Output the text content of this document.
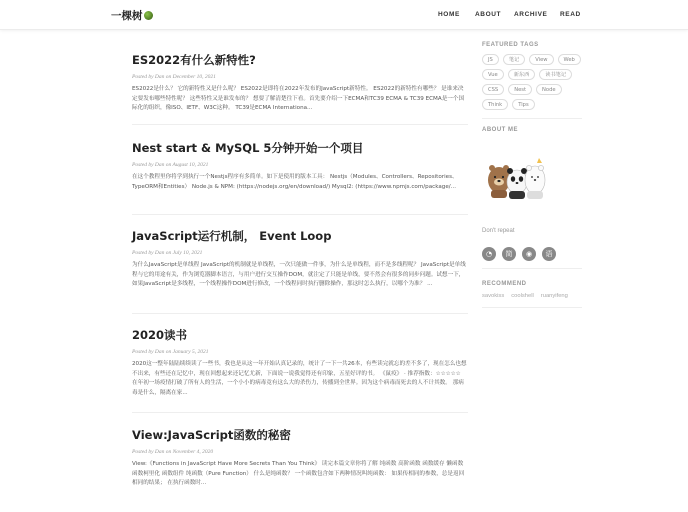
一棵树	HOME ABOUT ARCHIVE READ
ES2022有什么新特性?
Posted by Dan on December 10, 2021
ES2022是什么？ 它的新特性又是什么呢？ ES2022是即将在2022年发布的JavaScript新特性。 ES2022的新特性有哪些？ 是谁来决定要发布哪些特性呢？ 这些特性又是谁发布的？ 想要了解清楚往下看。首先要介绍一下ECMA和TC39 ECMA & TC39 ECMA是一个国际化的组织，像ISO、IETF、W3C这种。 TC39是ECMA Internationa...
Nest start & MySQL 5分钟开始一个项目
Posted by Dan on August 10, 2021
在这个教程里你将学到执行一个Nestjs程序有多简单。如下是使用的版本工具： Nestjs（Modules、Controllers、Repositories、TypeORM和Entities） Node.js & NPM: (https://nodejs.org/en/download/) Mysql2: (https://www.npmjs.com/package/...
JavaScript运行机制， Event Loop
Posted by Dan on July 10, 2021
为什么JavaScript是单线程 JavaScript的机制就是单线程，一次只能做一件事，为什么是单线程，而不是多线程呢？ JavaScript是单线程与它的用途有关，作为浏览器脚本语言，与用户进行交互操作DOM，就注定了只能是单线，要不然会有很多的同步问题。试想一下，如果JavaScript是多线程，一个线程操作DOM进行修改，一个线程同时执行删除操作，那这时怎么执行，以哪个为准？ ...
2020读书
Posted by Dan on January 5, 2021
2020这一整年陆陆续续读了一些书，我也是从这一年开始认真记录的，统计了一下一共26本，有些读完就忘的差不多了，现在怎么也想不出来，有些还在记忆中，现在回想起来还记忆尤新，下面说一说我觉得还有印象，五星好评的书。 《鼠疫》 · 推荐指数：☆☆☆☆☆ 在年初一场疫情打破了所有人的生活，一个小小的病毒竟有这么大的杀伤力，传播到全世界。因为这个病毒而死去的人不计其数。 那病毒是什么，隔离在家...
View:JavaScript函数的秘密
Posted by Dan on November 4, 2020
View:《Functions in JavaScript Have More Secrets Than You Think》 读完本篇文章你将了解 纯函数 高阶函数 函数缓存 懒函数 函数柯里化 函数组件 纯函数（Pure Function） 什么是纯函数？ 一个函数包含如下两种情况叫纯函数： 如果传相同的参数，总是返回相同的结果； 在执行函数时...
FEATURED TAGS
JS	笔记	View	Web
Vue	新东西	读书笔记
CSS	Nest	Node
Think	Tips
ABOUT ME
Don't repeat
◔	简	◉	语
RECOMMEND
savokiss coolshell ruanyifeng
